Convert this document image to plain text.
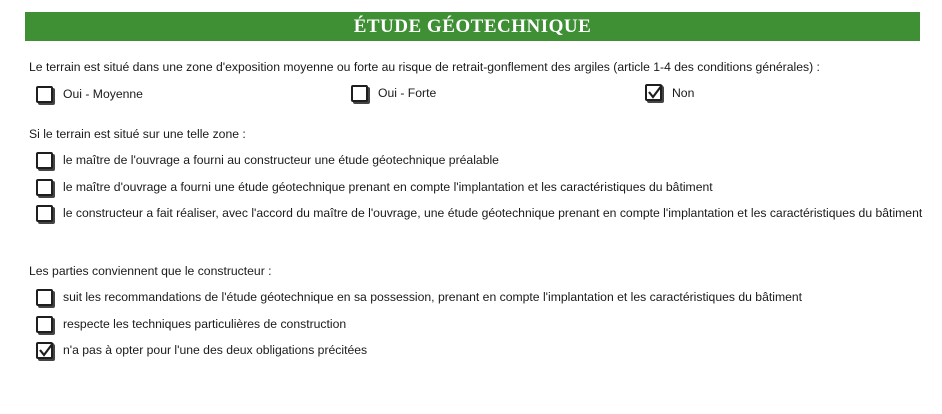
ÉTUDE GÉOTECHNIQUE
Le terrain est situé dans une zone d'exposition moyenne ou forte au risque de retrait-gonflement des argiles (article 1-4 des conditions générales) :
Oui - Moyenne	Oui - Forte	Non
Si le terrain est situé sur une telle zone :
le maître de l'ouvrage a fourni au constructeur une étude géotechnique préalable
le maître d'ouvrage a fourni une étude géotechnique prenant en compte l'implantation et les caractéristiques du bâtiment
le constructeur a fait réaliser, avec l'accord du maître de l'ouvrage, une étude géotechnique prenant en compte l'implantation et les caractéristiques du bâtiment
Les parties conviennent que le constructeur :
suit les recommandations de l'étude géotechnique en sa possession, prenant en compte l'implantation et les caractéristiques du bâtiment
respecte les techniques particulières de construction
n'a pas à opter pour l'une des deux obligations précitées
